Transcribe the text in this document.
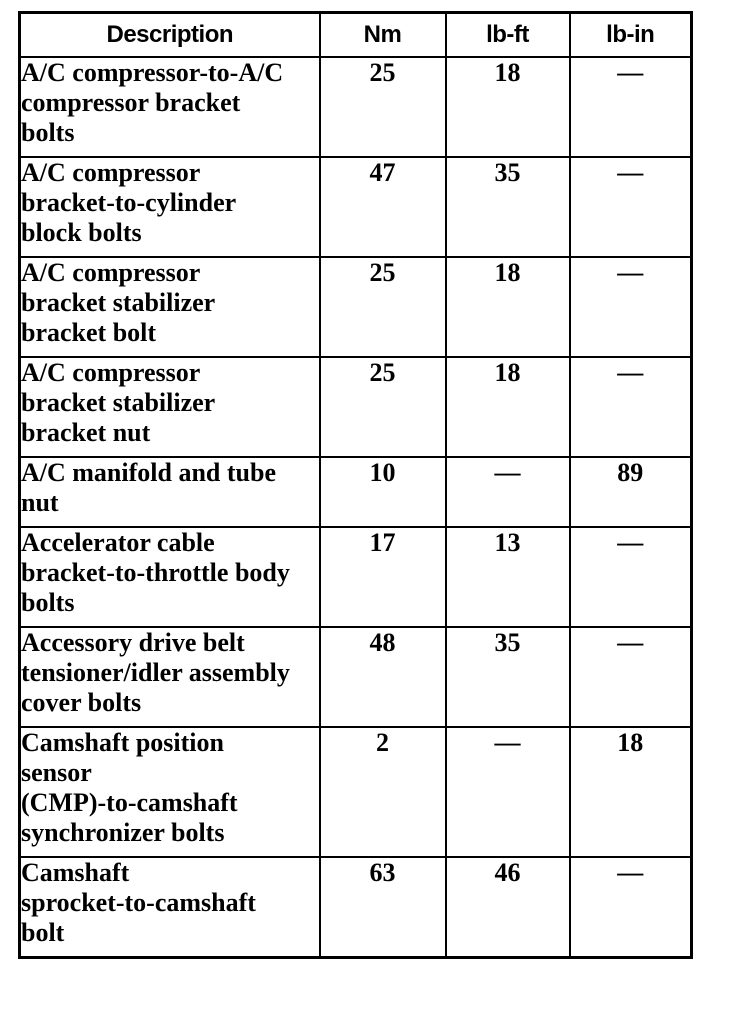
Description	Nm	lb-ft	lb-in
A/C compressor-to-A/C
compressor bracket
bolts	25	18	—
A/C compressor
bracket-to-cylinder
block bolts	47	35	—
A/C compressor
bracket stabilizer
bracket bolt	25	18	—
A/C compressor
bracket stabilizer
bracket nut	25	18	—
A/C manifold and tube
nut	10	—	89
Accelerator cable
bracket-to-throttle body
bolts	17	13	—
Accessory drive belt
tensioner/idler assembly
cover bolts	48	35	—
Camshaft position
sensor
(CMP)-to-camshaft
synchronizer bolts	2	—	18
Camshaft
sprocket-to-camshaft
bolt	63	46	—
